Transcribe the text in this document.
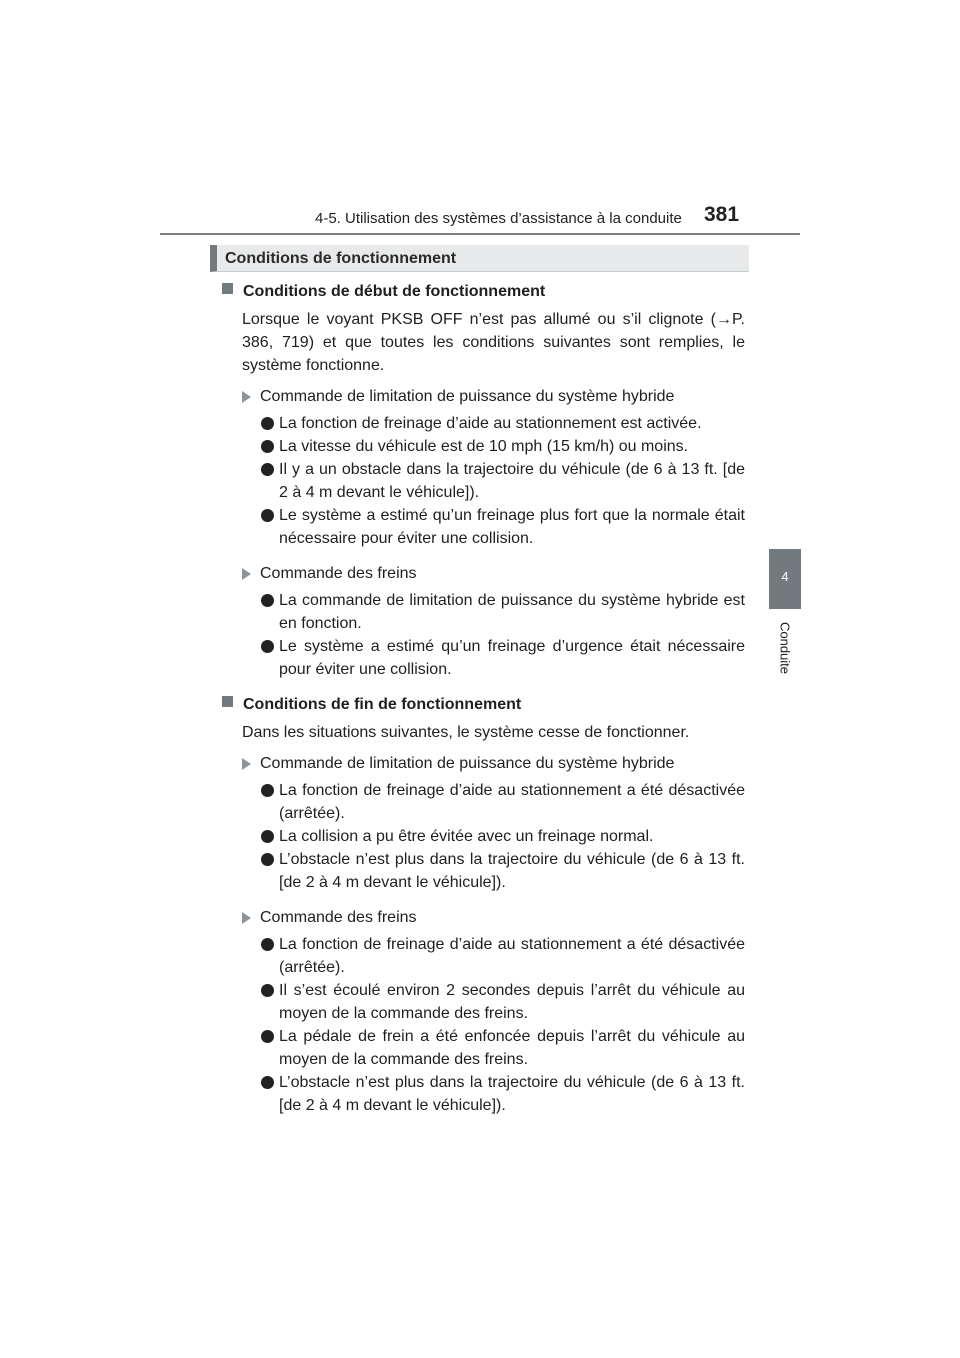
4-5. Utilisation des systèmes d’assistance à la conduite 381
4
Conduite
Conditions de fonctionnement
Conditions de début de fonctionnement
Lorsque le voyant PKSB OFF n’est pas allumé ou s’il clignote (→P. 386, 719) et que toutes les conditions suivantes sont remplies, le système fonctionne.
Commande de limitation de puissance du système hybride
La fonction de freinage d’aide au stationnement est activée.
La vitesse du véhicule est de 10 mph (15 km/h) ou moins.
Il y a un obstacle dans la trajectoire du véhicule (de 6 à 13 ft. [de 2 à 4 m devant le véhicule]).
Le système a estimé qu’un freinage plus fort que la normale était nécessaire pour éviter une collision.
Commande des freins
La commande de limitation de puissance du système hybride est en fonction.
Le système a estimé qu’un freinage d’urgence était nécessaire pour éviter une collision.
Conditions de fin de fonctionnement
Dans les situations suivantes, le système cesse de fonctionner.
Commande de limitation de puissance du système hybride
La fonction de freinage d’aide au stationnement a été désactivée (arrêtée).
La collision a pu être évitée avec un freinage normal.
L’obstacle n’est plus dans la trajectoire du véhicule (de 6 à 13 ft. [de 2 à 4 m devant le véhicule]).
Commande des freins
La fonction de freinage d’aide au stationnement a été désactivée (arrêtée).
Il s’est écoulé environ 2 secondes depuis l’arrêt du véhicule au moyen de la commande des freins.
La pédale de frein a été enfoncée depuis l’arrêt du véhicule au moyen de la commande des freins.
L’obstacle n’est plus dans la trajectoire du véhicule (de 6 à 13 ft. [de 2 à 4 m devant le véhicule]).
